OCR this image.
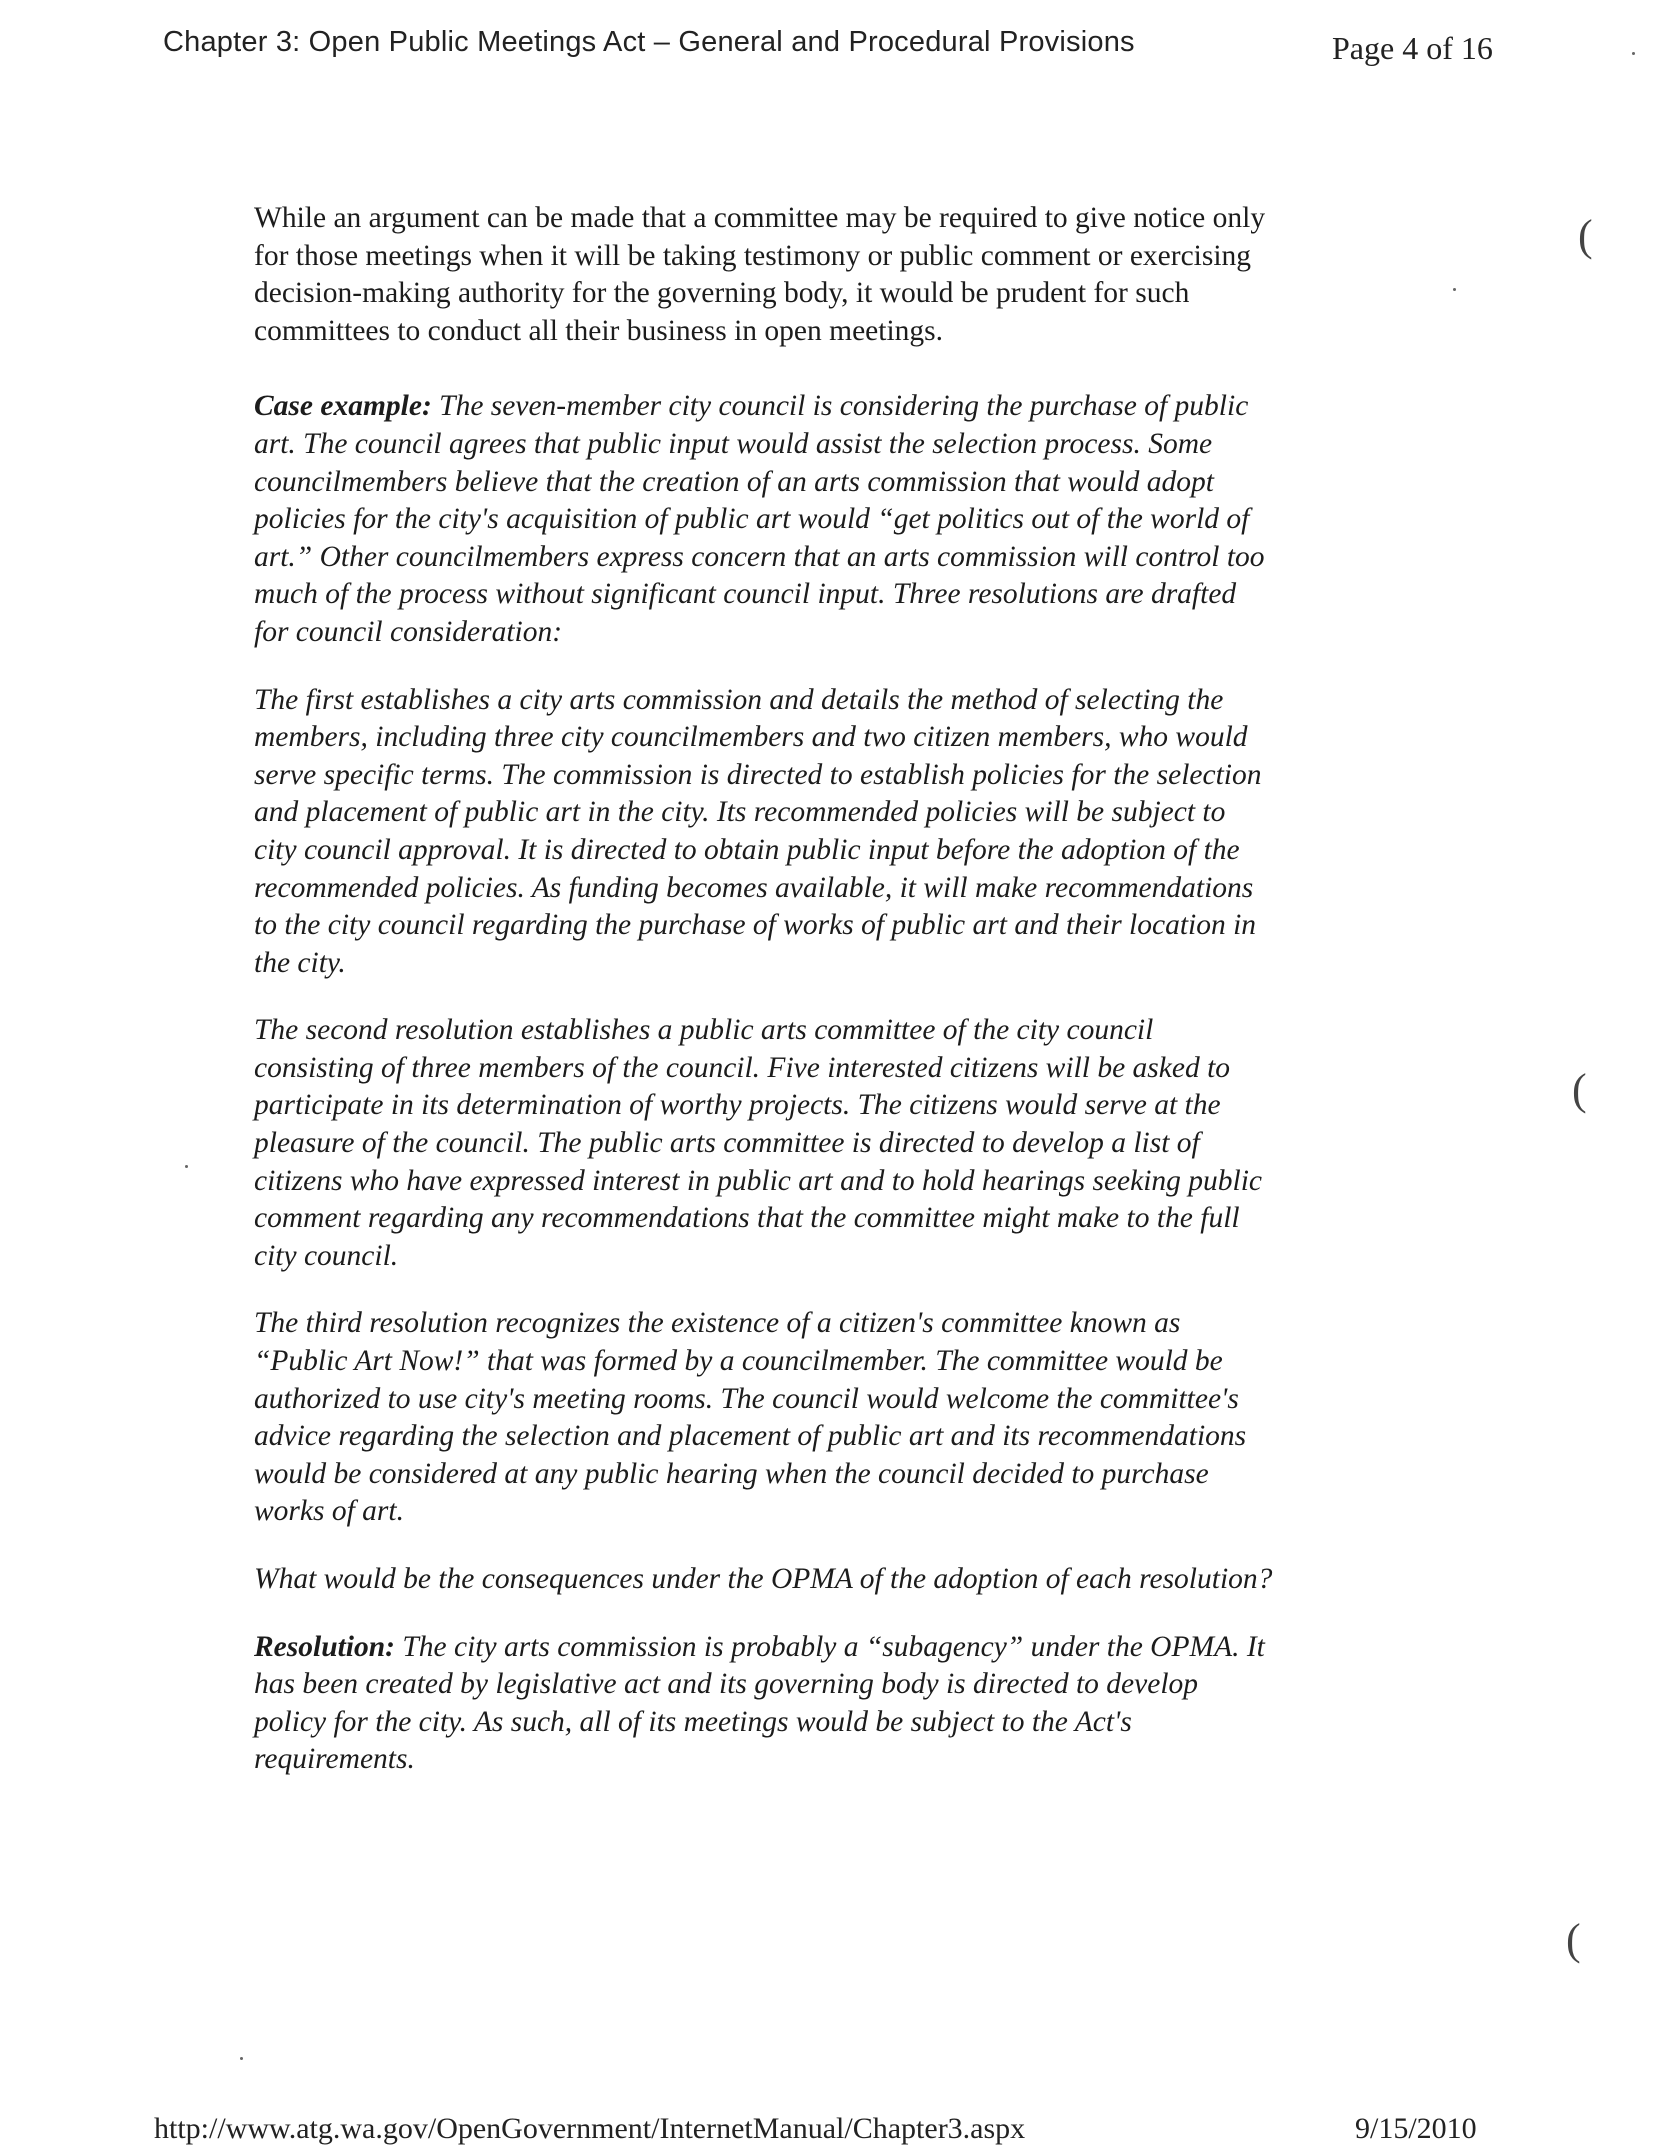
Chapter 3: Open Public Meetings Act – General and Procedural Provisions	Page 4 of 16

While an argument can be made that a committee may be required to give notice only for those meetings when it will be taking testimony or public comment or exercising decision-making authority for the governing body, it would be prudent for such committees to conduct all their business in open meetings.

Case example: The seven-member city council is considering the purchase of public art. The council agrees that public input would assist the selection process. Some councilmembers believe that the creation of an arts commission that would adopt policies for the city's acquisition of public art would “get politics out of the world of art.” Other councilmembers express concern that an arts commission will control too much of the process without significant council input. Three resolutions are drafted for council consideration:

The first establishes a city arts commission and details the method of selecting the members, including three city councilmembers and two citizen members, who would serve specific terms. The commission is directed to establish policies for the selection and placement of public art in the city. Its recommended policies will be subject to city council approval. It is directed to obtain public input before the adoption of the recommended policies. As funding becomes available, it will make recommendations to the city council regarding the purchase of works of public art and their location in the city.

The second resolution establishes a public arts committee of the city council consisting of three members of the council. Five interested citizens will be asked to participate in its determination of worthy projects. The citizens would serve at the pleasure of the council. The public arts committee is directed to develop a list of citizens who have expressed interest in public art and to hold hearings seeking public comment regarding any recommendations that the committee might make to the full city council.

The third resolution recognizes the existence of a citizen's committee known as “Public Art Now!” that was formed by a councilmember. The committee would be authorized to use city's meeting rooms. The council would welcome the committee's advice regarding the selection and placement of public art and its recommendations would be considered at any public hearing when the council decided to purchase works of art.

What would be the consequences under the OPMA of the adoption of each resolution?

Resolution: The city arts commission is probably a “subagency” under the OPMA. It has been created by legislative act and its governing body is directed to develop policy for the city. As such, all of its meetings would be subject to the Act's requirements.

http://www.atg.wa.gov/OpenGovernment/InternetManual/Chapter3.aspx	9/15/2010
(
(
(
